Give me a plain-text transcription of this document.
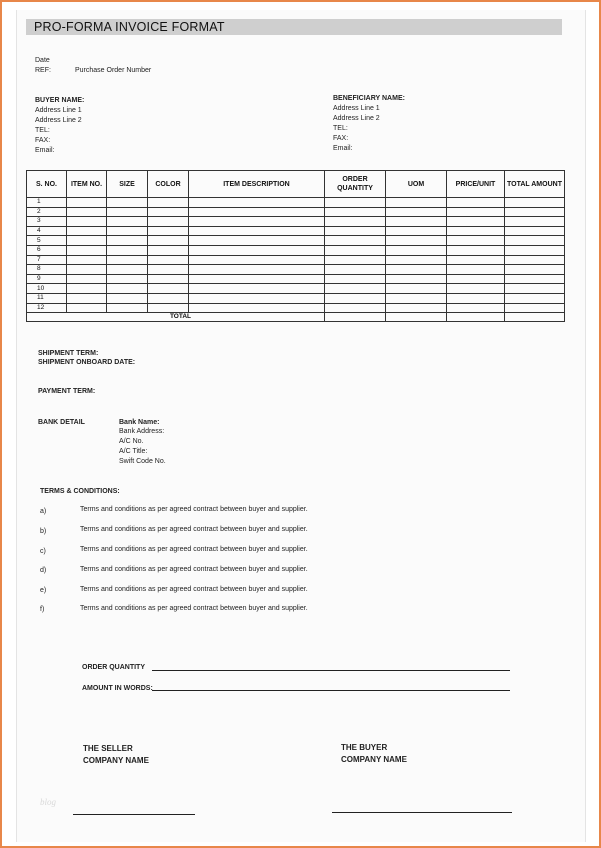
PRO-FORMA INVOICE FORMAT
Date
REF:	Purchase Order Number
BUYER NAME:
Address Line 1
Address Line 2
TEL:
FAX:
Email:
BENEFICIARY NAME:
Address Line 1
Address Line 2
TEL:
FAX:
Email:
S. NO.	ITEM NO.	SIZE	COLOR	ITEM DESCRIPTION	ORDER QUANTITY	UOM	PRICE/UNIT	TOTAL AMOUNT
1								
2								
3								
4								
5								
6								
7								
8								
9								
10								
11								
12								
TOTAL								
SHIPMENT TERM:
SHIPMENT ONBOARD DATE:
PAYMENT TERM:
BANK DETAIL	Bank Name:
Bank Address:
A/C No.
A/C Title:
Swift Code No.
TERMS & CONDITIONS:
a)	Terms and conditions as per agreed contract between buyer and supplier.
b)	Terms and conditions as per agreed contract between buyer and supplier.
c)	Terms and conditions as per agreed contract between buyer and supplier.
d)	Terms and conditions as per agreed contract between buyer and supplier.
e)	Terms and conditions as per agreed contract between buyer and supplier.
f)	Terms and conditions as per agreed contract between buyer and supplier.
ORDER QUANTITY
AMOUNT IN WORDS:
THE SELLER
COMPANY NAME
THE BUYER
COMPANY NAME
blog
